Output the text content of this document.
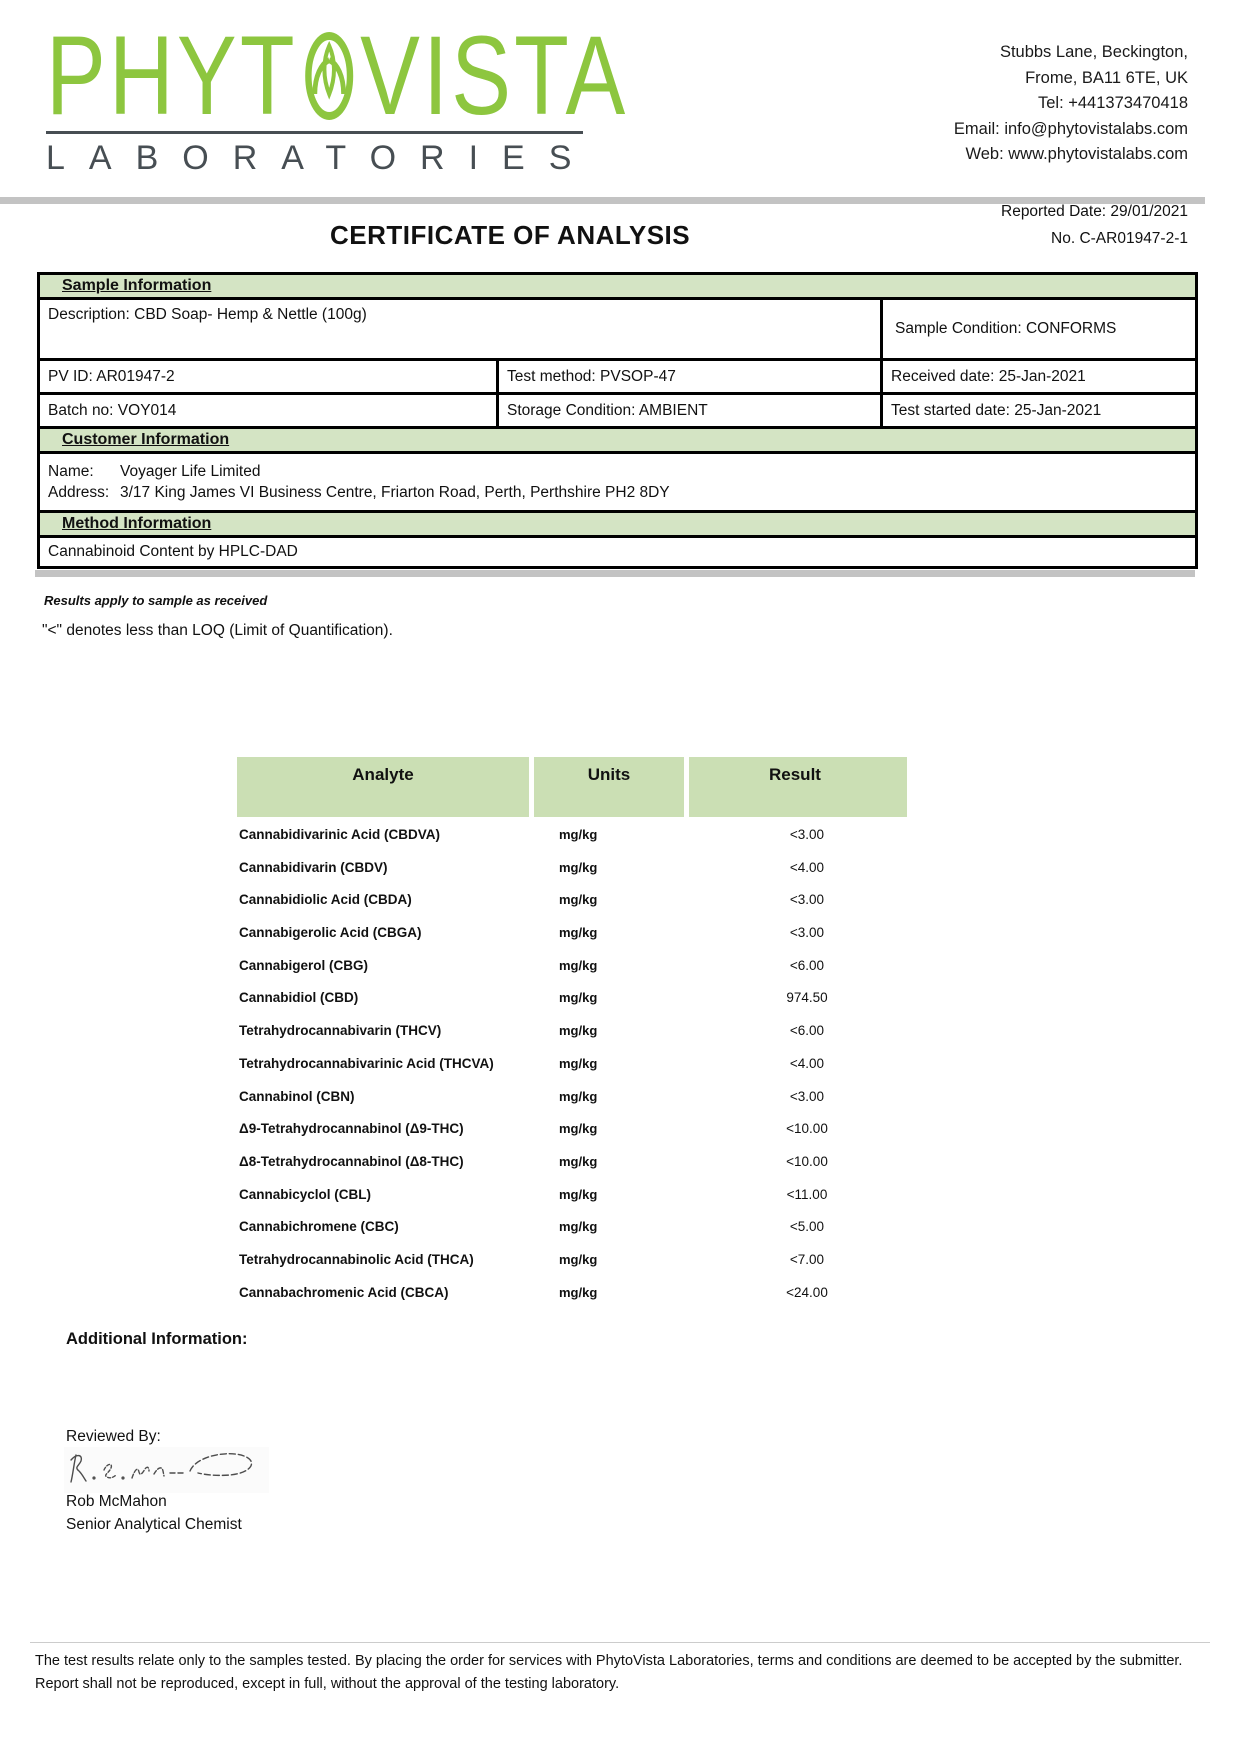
PHYT VISTA
LABORATORIES
Stubbs Lane, Beckington,
Frome, BA11 6TE, UK
Tel: +441373470418
Email: info@phytovistalabs.com
Web: www.phytovistalabs.com
Reported Date: 29/01/2021
No. C-AR01947-2-1
CERTIFICATE OF ANALYSIS
Sample Information		
Description: CBD Soap- Hemp & Nettle (100g)		Sample Condition: CONFORMS
PV ID: AR01947-2	Test method: PVSOP-47	Received date: 25-Jan-2021
Batch no: VOY014	Storage Condition: AMBIENT	Test started date: 25-Jan-2021
Customer Information		

Name: Voyager Life Limited
Address: 3/17 King James VI Business Centre, Friarton Road, Perth, Perthshire PH2 8DY		

Method Information		
Cannabinoid Content by HPLC-DAD		
Results apply to sample as received
"<" denotes less than LOQ (Limit of Quantification).
Analyte	Units	Result
Cannabidivarinic Acid (CBDVA)	mg/kg	<3.00
Cannabidivarin (CBDV)	mg/kg	<4.00
Cannabidiolic Acid (CBDA)	mg/kg	<3.00
Cannabigerolic Acid (CBGA)	mg/kg	<3.00
Cannabigerol (CBG)	mg/kg	<6.00
Cannabidiol (CBD)	mg/kg	974.50
Tetrahydrocannabivarin (THCV)	mg/kg	<6.00
Tetrahydrocannabivarinic Acid (THCVA)	mg/kg	<4.00
Cannabinol (CBN)	mg/kg	<3.00
Δ9-Tetrahydrocannabinol (Δ9-THC)	mg/kg	<10.00
Δ8-Tetrahydrocannabinol (Δ8-THC)	mg/kg	<10.00
Cannabicyclol (CBL)	mg/kg	<11.00
Cannabichromene (CBC)	mg/kg	<5.00
Tetrahydrocannabinolic Acid (THCA)	mg/kg	<7.00
Cannabachromenic Acid (CBCA)	mg/kg	<24.00
Additional Information:
Reviewed By:
Rob McMahon
Senior Analytical Chemist
The test results relate only to the samples tested. By placing the order for services with PhytoVista Laboratories, terms and conditions are deemed to be accepted by the submitter. Report shall not be reproduced, except in full, without the approval of the testing laboratory.
